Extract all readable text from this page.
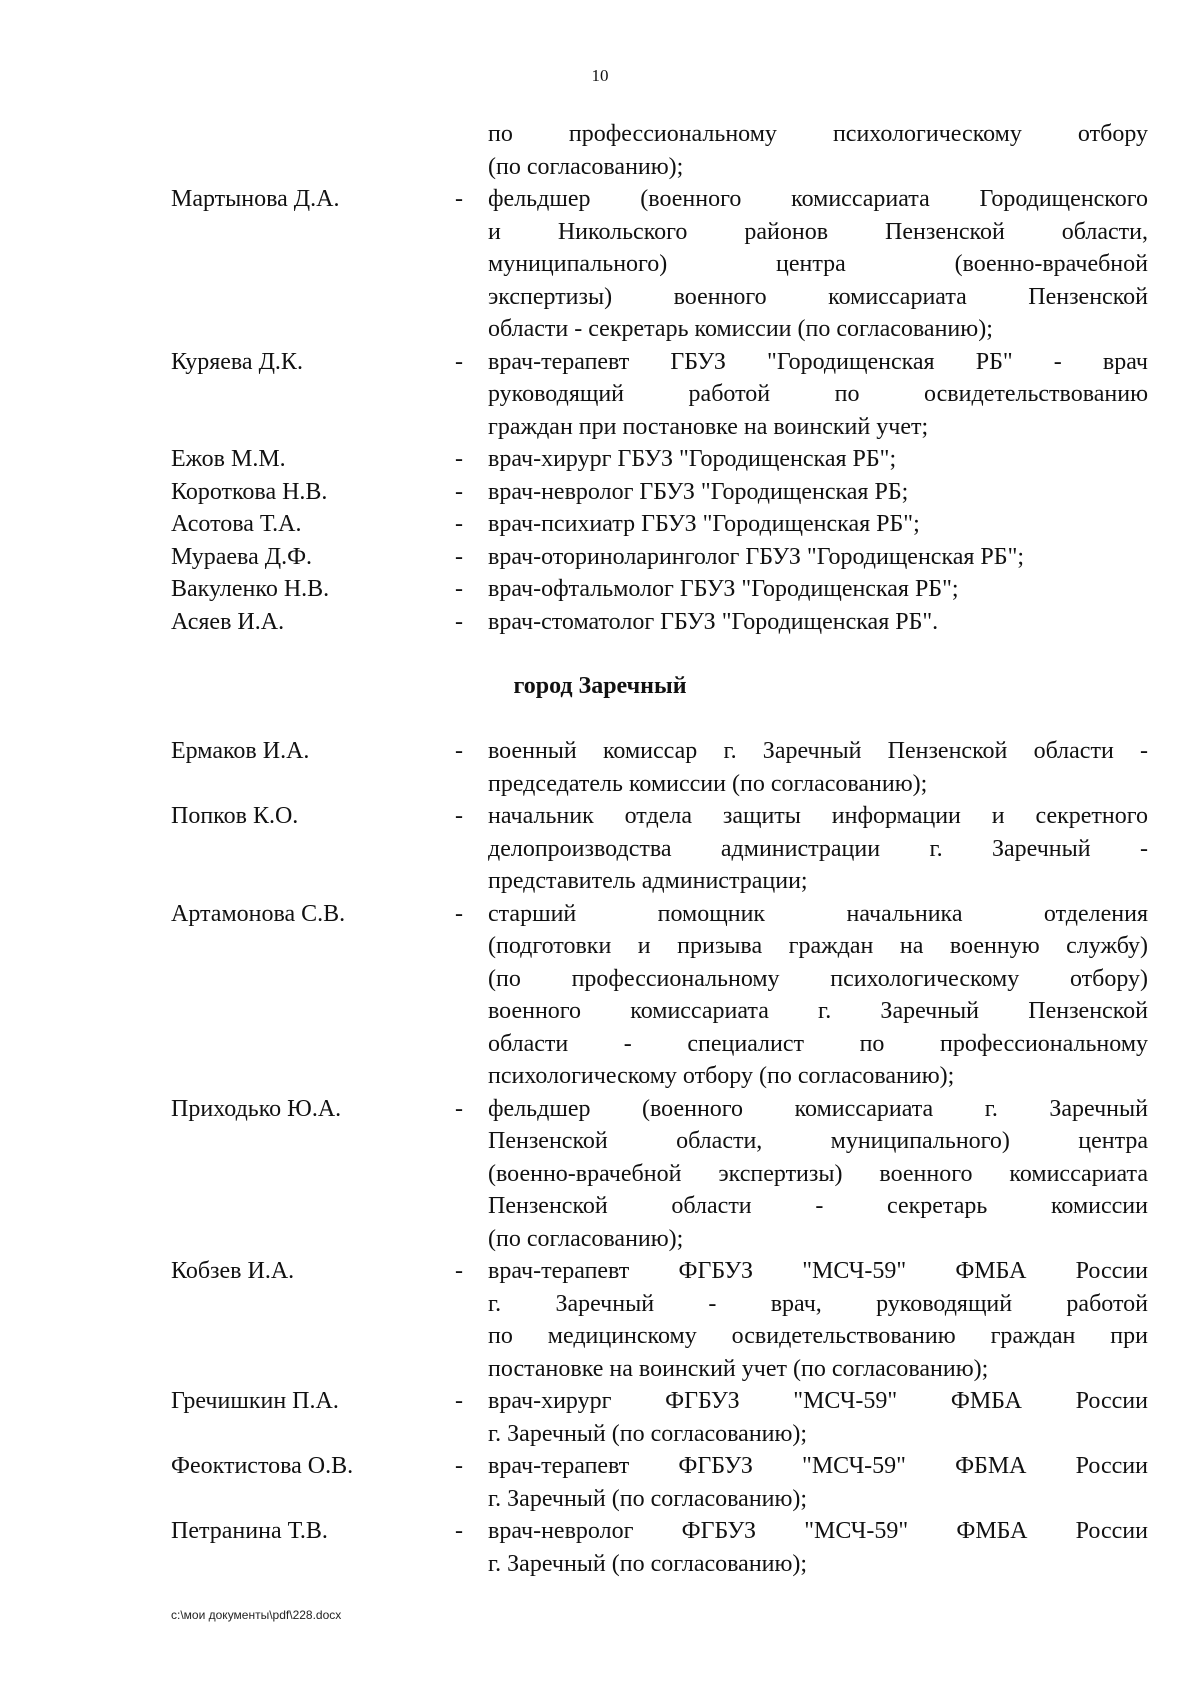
10
по профессиональному психологическому отбору
(по согласованию);
Мартынова Д.А.	- фельдшер (военного комиссариата Городищенского
и Никольского районов Пензенской области,
муниципального) центра (военно-врачебной
экспертизы) военного комиссариата Пензенской
области - секретарь комиссии (по согласованию);
Куряева Д.К.	- врач-терапевт ГБУЗ "Городищенская РБ" - врач
руководящий работой по освидетельствованию
граждан при постановке на воинский учет;
Ежов М.М.	- врач-хирург ГБУЗ "Городищенская РБ";
Короткова Н.В.	- врач-невролог ГБУЗ "Городищенская РБ;
Асотова Т.А.	- врач-психиатр ГБУЗ "Городищенская РБ";
Мураева Д.Ф.	- врач-оториноларинголог ГБУЗ "Городищенская РБ";
Вакуленко Н.В.	- врач-офтальмолог ГБУЗ "Городищенская РБ";
Асяев И.А.	- врач-стоматолог ГБУЗ "Городищенская РБ".
город Заречный
Ермаков И.А.	- военный комиссар г. Заречный Пензенской области -
председатель комиссии (по согласованию);
Попков К.О.	- начальник отдела защиты информации и секретного
делопроизводства администрации г. Заречный -
представитель администрации;
Артамонова С.В.	- старший помощник начальника отделения
(подготовки и призыва граждан на военную службу)
(по профессиональному психологическому отбору)
военного комиссариата г. Заречный Пензенской
области - специалист по профессиональному
психологическому отбору (по согласованию);
Приходько Ю.А.	- фельдшер (военного комиссариата г. Заречный
Пензенской области, муниципального) центра
(военно-врачебной экспертизы) военного комиссариата
Пензенской области - секретарь комиссии
(по согласованию);
Кобзев И.А.	- врач-терапевт ФГБУЗ "МСЧ-59" ФМБА России
г. Заречный - врач, руководящий работой
по медицинскому освидетельствованию граждан при
постановке на воинский учет (по согласованию);
Гречишкин П.А.	- врач-хирург ФГБУЗ "МСЧ-59" ФМБА России
г. Заречный (по согласованию);
Феоктистова О.В.	- врач-терапевт ФГБУЗ "МСЧ-59" ФБМА России
г. Заречный (по согласованию);
Петранина Т.В.	- врач-невролог ФГБУЗ "МСЧ-59" ФМБА России
г. Заречный (по согласованию);
c:\мои документы\pdf\228.docx
